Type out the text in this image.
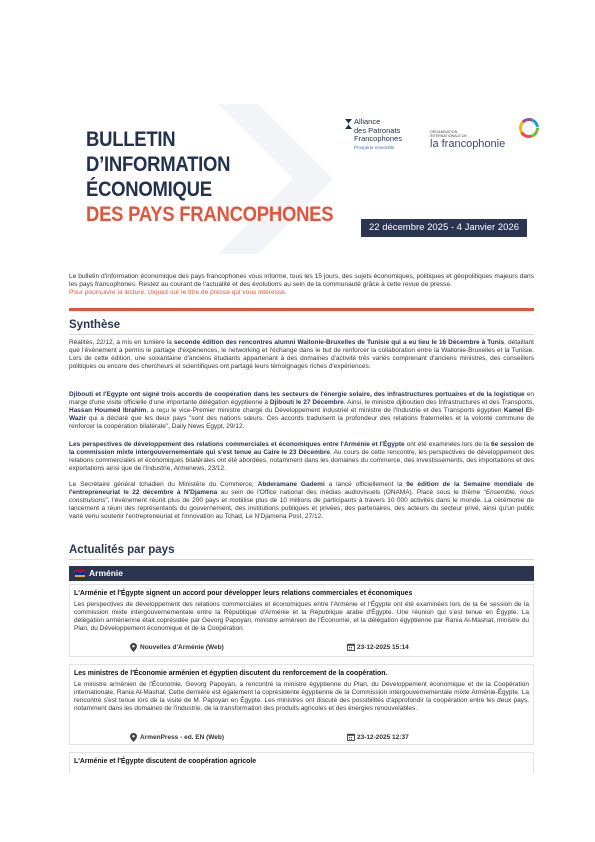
BULLETIN
D’INFORMATION
ÉCONOMIQUE
DES PAYS FRANCOPHONES
Alliance
des Patronats
Francophones
Prospérer ensemble
ORGANISATION
INTERNATIONALE DE
la francophonie
22 décembre 2025 - 4 Janvier 2026
Le bulletin d'information économique des pays francophones vous informe, tous les 15 jours, des sujets économiques, politiques et géopolitiques majeurs dans les pays francophones. Restez au courant de l'actualité et des évolutions au sein de la communauté grâce à cette revue de presse.
Pour poursuivre la lecture, cliquez sur le titre de presse qui vous intéresse.
Synthèse
Réalités, 22/12, a mis en lumière la seconde édition des rencontres alumni Wallonie-Bruxelles de Tunisie qui a eu lieu le 16 Décembre à Tunis, détaillant que l'événement a permis le partage d'expériences, le networking et l'échange dans le but de renforcer la collaboration entre la Wallonie-Bruxelles et la Tunisie. Lors de cette édition, une soixantaine d'anciens étudiants appartenant à des domaines d'activité très variés comprenant d'anciens ministres, des conseillers politiques ou encore des chercheurs et scientifiques ont partagé leurs témoignages riches d'expériences.
Djibouti et l'Egypte ont signé trois accords de coopération dans les secteurs de l'énergie solaire, des infrastructures portuaires et de la logistique en marge d'une visite officielle d'une importante délégation égyptienne à Djibouti le 27 Décembre. Ainsi, le ministre djiboutien des Infrastructures et des Transports, Hassan Houmed Ibrahim, a reçu le vice-Premier ministre chargé du Développement industriel et ministre de l'Industrie et des Transports égyptien Kamel El-Wazir qui a déclaré que les deux pays "sont des nations sœurs. Ces accords traduisent la profondeur des relations fraternelles et la volonté commune de renforcer la coopération bilatérale", Daily News Egypt, 29/12.
Les perspectives de développement des relations commerciales et économiques entre l'Arménie et l'Égypte ont été examinées lors de la 6e session de la commission mixte intergouvernementale qui s'est tenue au Caire le 23 Décembre. Au cours de cette rencontre, les perspectives de développement des relations commerciales et économiques bilatérales ont été abordées, notamment dans les domaines du commerce, des investissements, des importations et des exportations ainsi que de l'industrie, Armenews, 23/12.
Le Secrétaire général tchadien du Ministère du Commerce, Abderamane Gademi a lancé officiellement la 9e édition de la Semaine mondiale de l'entrepreneuriat le 22 décembre à N'Djamena au sein de l'Office national des médias audiovisuels (ONAMA). Placé sous le thème "Ensemble, nous construisons", l'événement réunit plus de 200 pays et mobilise plus de 10 millions de participants à travers 10 000 activités dans le monde. La cérémonie de lancement a réuni des représentants du gouvernement, des institutions publiques et privées, des partenaires, des acteurs du secteur privé, ainsi qu'un public varié venu soutenir l'entrepreneuriat et l'innovation au Tchad, Le N'Djamena Post, 27/12.
Actualités par pays
Arménie
L'Arménie et l'Égypte signent un accord pour développer leurs relations commerciales et économiques
Les perspectives de développement des relations commerciales et économiques entre l'Arménie et l'Égypte ont été examinées lors de la 6e session de la commission mixte intergouvernementale entre la République d'Arménie et la République arabe d'Égypte. Une réunion qui s'est tenue en Égypte. La délégation arménienne était coprésidée par Gevorg Papoyan, ministre arménien de l'Économie, et la délégation égyptienne par Rania Al-Mashat, ministre du Plan, du Développement économique et de la Coopération
Nouvelles d'Arménie (Web)	23-12-2025 15:14
Les ministres de l'Économie arménien et égyptien discutent du renforcement de la coopération.
Le ministre arménien de l'Économie, Gevorg Papoyan, a rencontré la ministre égyptienne du Plan, du Développement économique et de la Coopération internationale, Rania Al-Mashat. Cette dernière est également la coprésidente égyptienne de la Commission intergouvernementale mixte Arménie-Égypte. La rencontre s'est tenue lors de la visite de M. Papoyan en Égypte. Les ministres ont discuté des possibilités d'approfondir la coopération entre les deux pays, notamment dans les domaines de l'industrie, de la transformation des produits agricoles et des énergies renouvelables.
ArmenPress - ed. EN (Web)	23-12-2025 12:37
L'Arménie et l'Égypte discutent de coopération agricole
